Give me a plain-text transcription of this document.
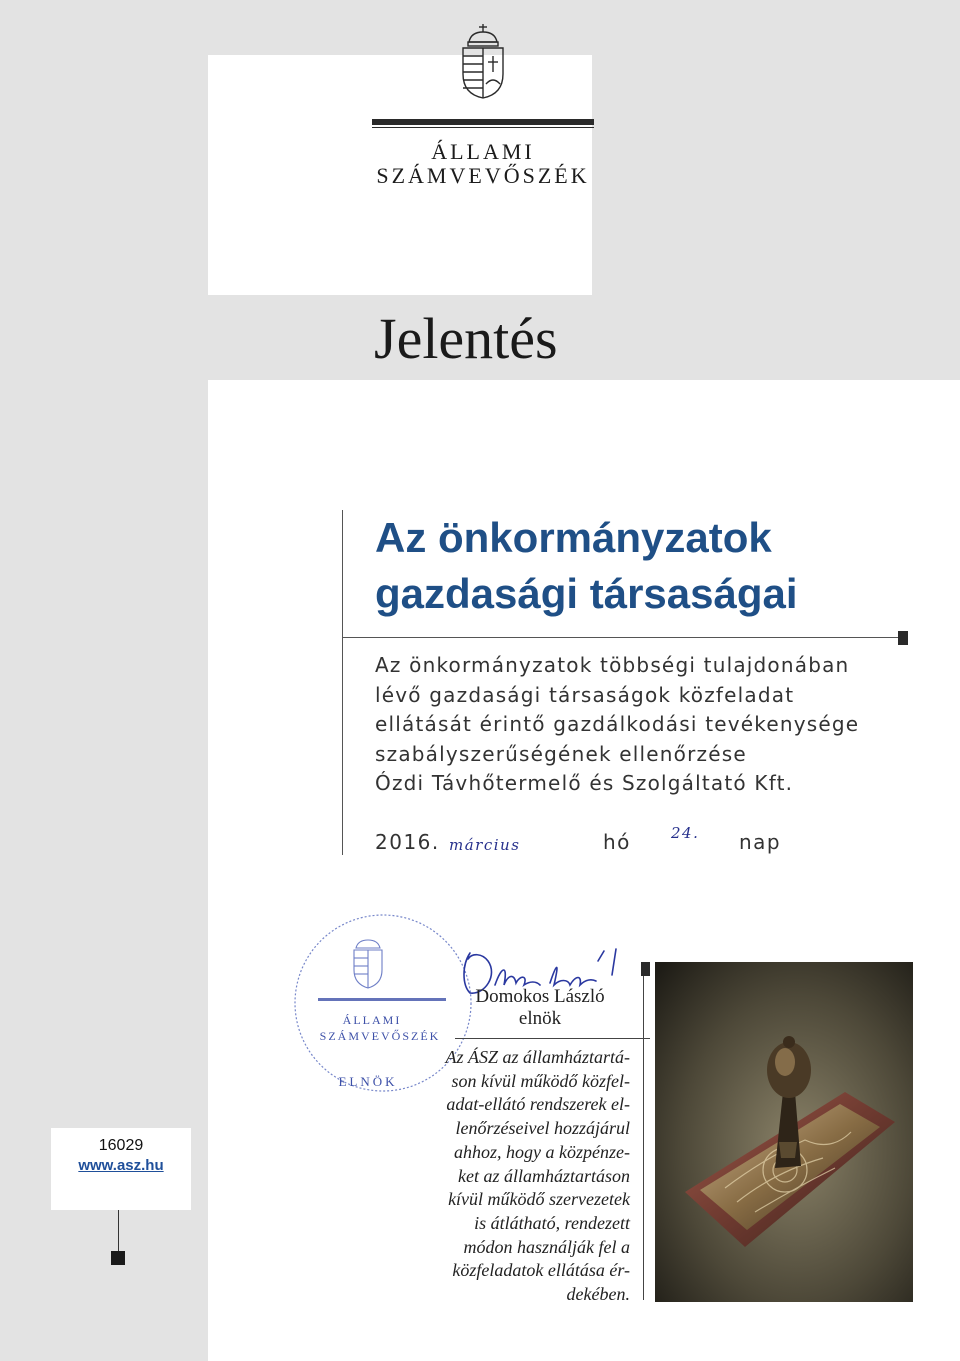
ÁLLAMI
SZÁMVEVŐSZÉK
Jelentés
Az önkormányzatok
gazdasági társaságai
Az önkormányzatok többségi tulajdonában
lévő gazdasági társaságok közfeladat
ellátását érintő gazdálkodási tevékenysége
szabályszerűségének ellenőrzése
Ózdi Távhőtermelő és Szolgáltató Kft.
2016. március	hó	24. nap
ÁLLAMI
SZÁMVEVŐSZÉK
ELNÖK
Domokos László
elnök
Az ÁSZ az államháztartá-
son kívül működő közfel-
adat-ellátó rendszerek el-
lenőrzéseivel hozzájárul
ahhoz, hogy a közpénze-
ket az államháztartáson
kívül működő szervezetek
is átlátható, rendezett
módon használják fel a
közfeladatok ellátása ér-
dekében.
16029
www.asz.hu
